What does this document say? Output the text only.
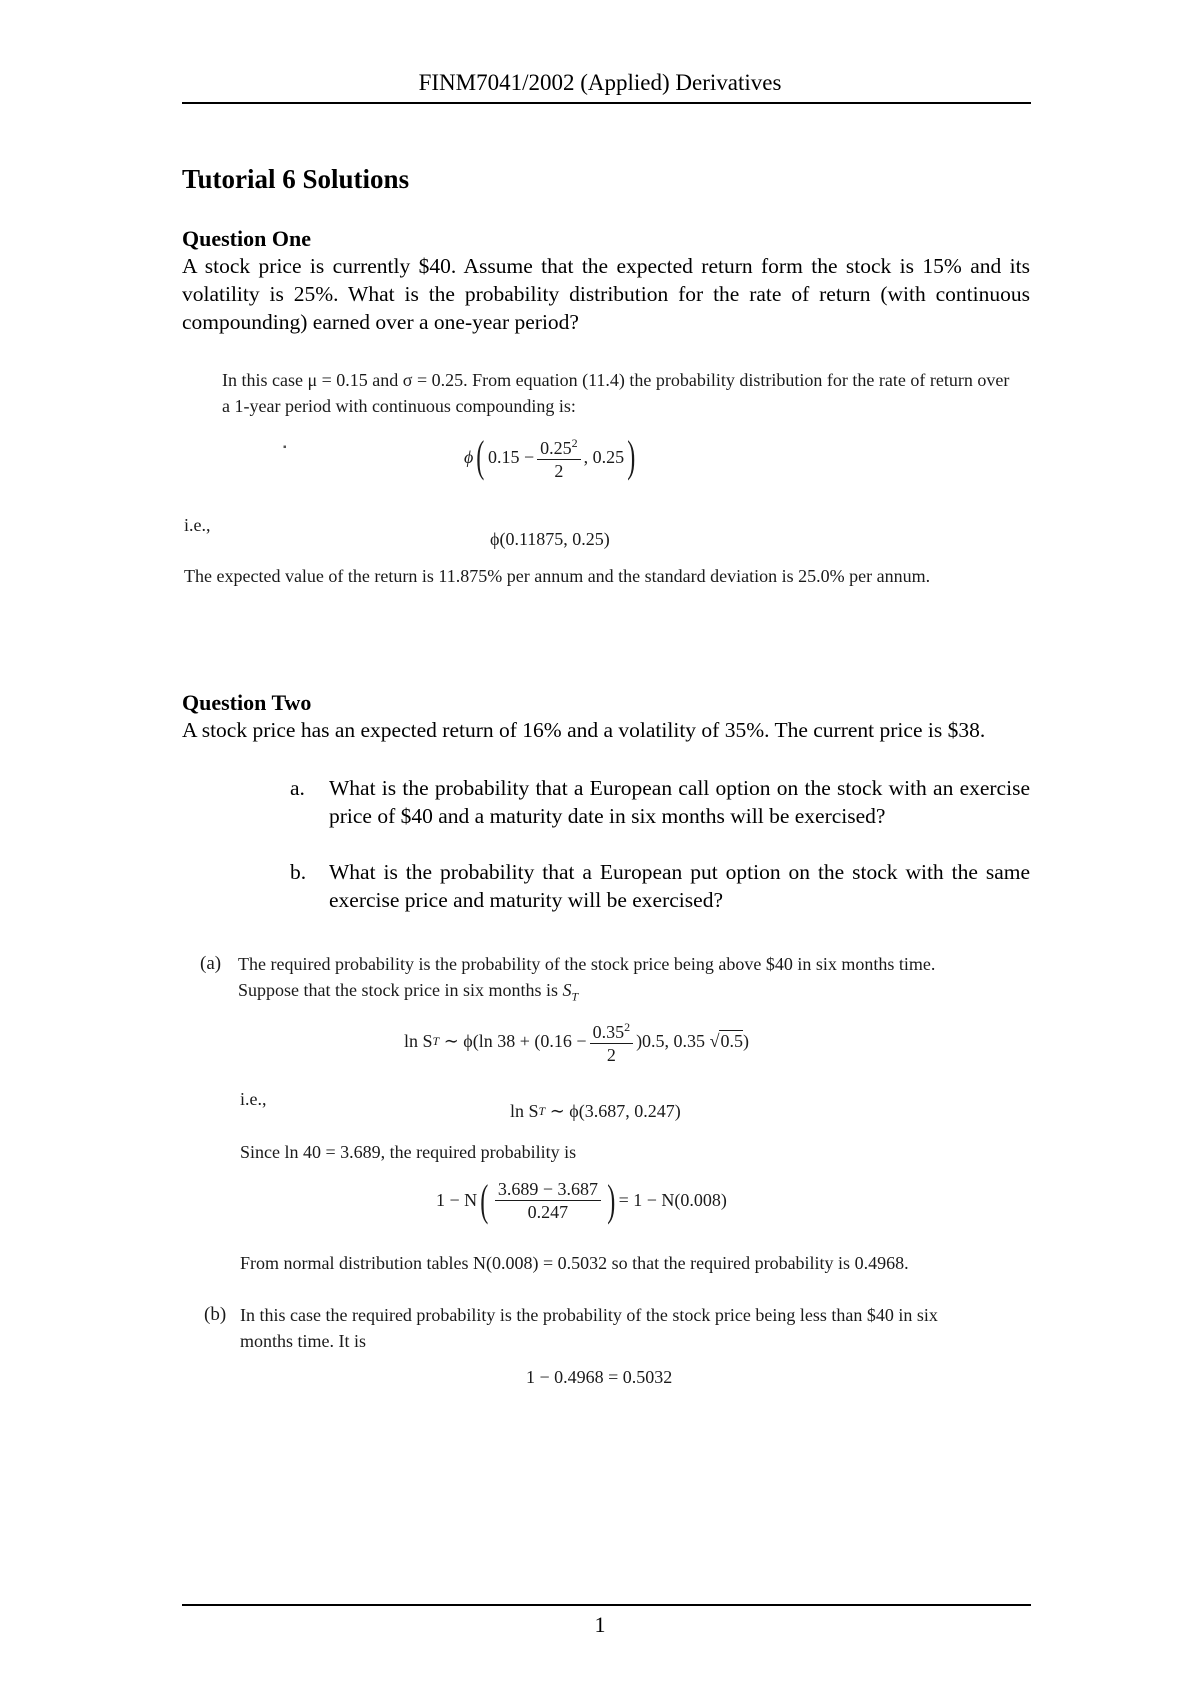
FINM7041/2002 (Applied) Derivatives
Tutorial 6 Solutions
Question One
A stock price is currently $40. Assume that the expected return form the stock is 15% and its volatility is 25%. What is the probability distribution for the rate of return (with continuous compounding) earned over a one-year period?
In this case μ = 0.15 and σ = 0.25. From equation (11.4) the probability distribution for the rate of return over a 1-year period with continuous compounding is:
▪	ϕ ( $0.15 - \frac{0.25^2}{2}$ , 0.25 )
i.e.,
ϕ(0.11875, 0.25)
The expected value of the return is 11.875% per annum and the standard deviation is 25.0% per annum.
Question Two
A stock price has an expected return of 16% and a volatility of 35%. The current price is $38.
a. What is the probability that a European call option on the stock with an exercise price of $40 and a maturity date in six months will be exercised?
b. What is the probability that a European put option on the stock with the same exercise price and maturity will be exercised?
(a) The required probability is the probability of the stock price being above $40 in six months time. Suppose that the stock price in six months is $S_T$
ln S T
∼ ϕ(ln $38 + (0.16 - \frac{0.35^2}{2} )0.5$, 0.35 √ 0.5 )
i.e.,
ln S T
∼ ϕ(3.687, 0.247)
Since ln 40 = 3.689, the required probability is
1 − N ( $\frac{3.689 - 3.687}{0.247}$ ) = 1 − N(0.008)
From normal distribution tables N(0.008) = 0.5032 so that the required probability is 0.4968.
(b) In this case the required probability is the probability of the stock price being less than $40 in six months time. It is
1 − 0.4968 = 0.5032
1
